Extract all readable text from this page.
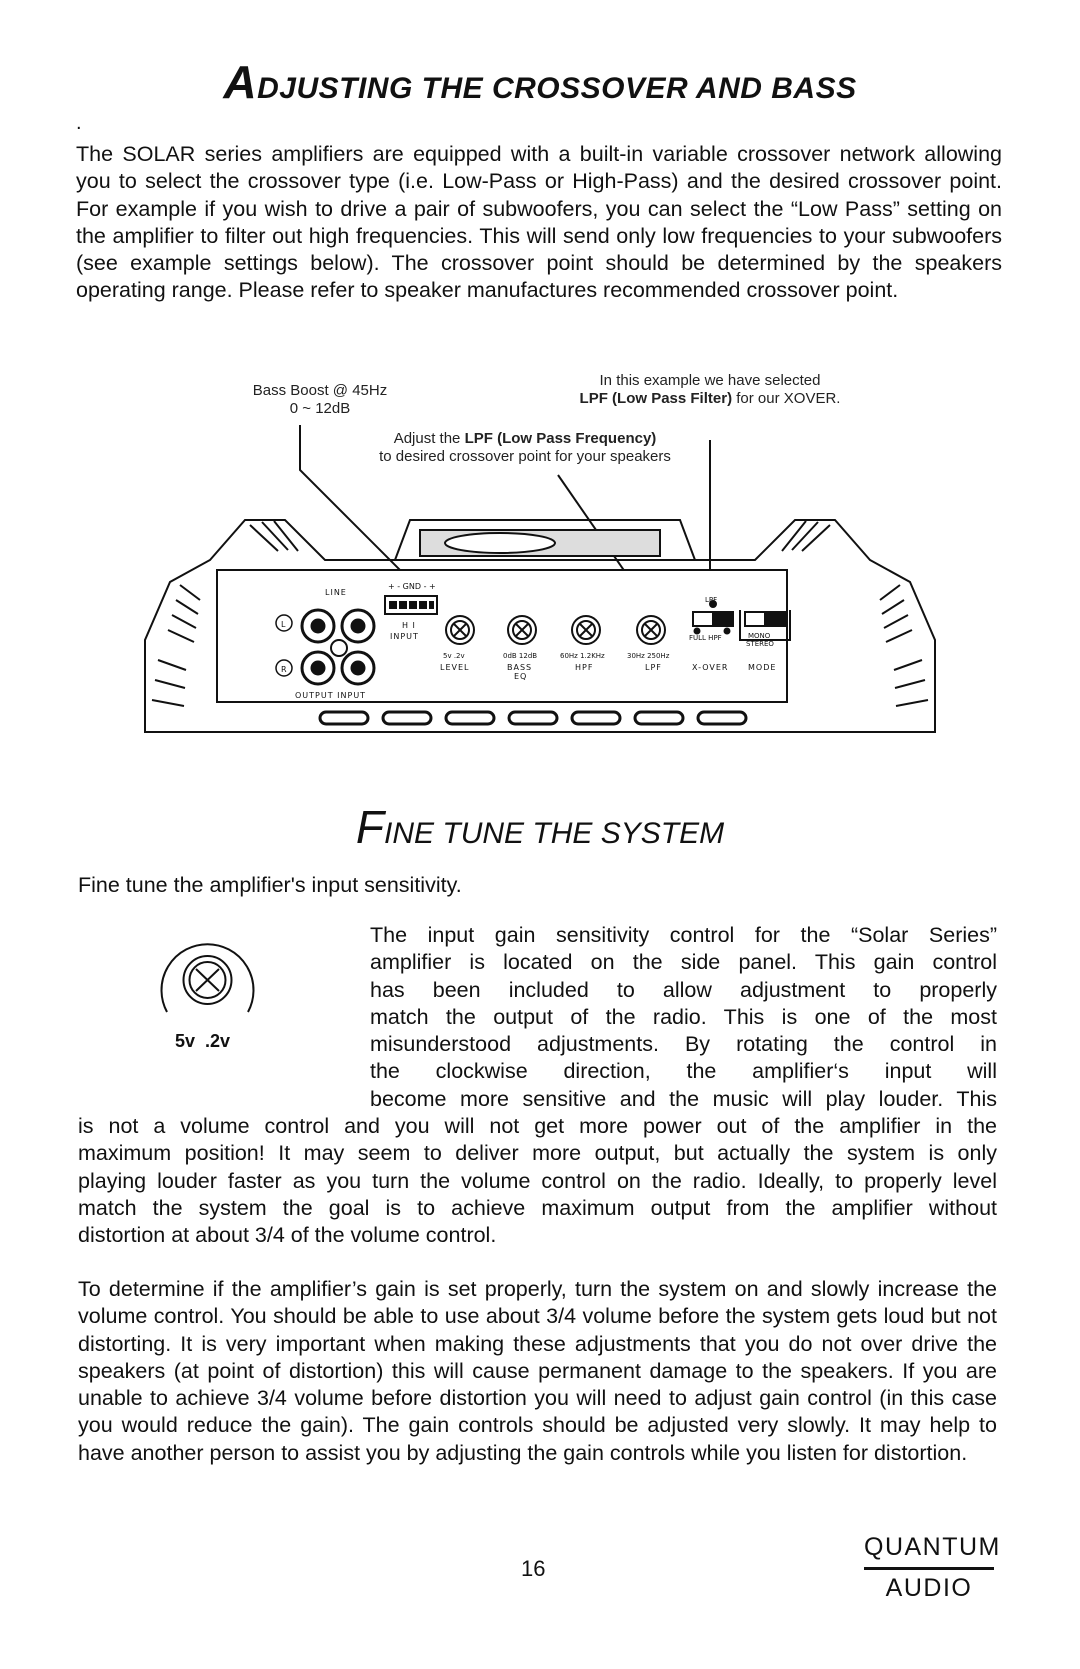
ADJUSTING THE CROSSOVER AND BASS
.
The SOLAR series amplifiers are equipped with a built-in variable crossover network allowing you to select the crossover type (i.e. Low-Pass or High-Pass) and the desired crossover point. For example if you wish to drive a pair of subwoofers, you can select the “Low Pass” setting on the amplifier to filter out high frequencies. This will send only low frequencies to your subwoofers (see example settings below). The crossover point should be determined by the speakers operating range. Please refer to speaker manufactures recommended crossover point.
Bass Boost @ 45Hz
0 ~ 12dB
In this example we have selected
LPF (Low Pass Filter) for our XOVER.
Adjust the LPF (Low Pass Frequency)
to desired crossover point for your speakers
LINE
+ - GND - +
H I
INPUT
L
R
OUTPUT INPUT
5v .2v
LEVEL
0dB 12dB
BASS
EQ
60Hz 1.2KHz
HPF
30Hz 250Hz
LPF
LPF
FULL HPF
X-OVER
MONO
STEREO
MODE
FINE TUNE THE SYSTEM
Fine tune the amplifier's input sensitivity.
5v  .2v
The input gain sensitivity control for the “Solar Series”
amplifier is located on the side panel. This gain control
has been included to allow adjustment to properly
match the output of the radio. This is one of the most
misunderstood adjustments. By rotating the control in
the clockwise direction, the amplifier‘s input will
become more sensitive and the music will play louder. This
is not a volume control and you will not get more power out of the amplifier in the
maximum position! It may seem to deliver more output, but actually the system is only
playing louder faster as you turn the volume control on the radio. Ideally, to properly level
match the system the goal is to achieve maximum output from the amplifier without
distortion at about 3/4 of the volume control.
To determine if the amplifier’s gain is set properly, turn the system on and slowly increase the volume control. You should be able to use about 3/4 volume before the system gets loud but not distorting. It is very important when making these adjustments that you do not over drive the speakers (at point of distortion) this will cause permanent damage to the speakers. If you are unable to achieve 3/4 volume before distortion you will need to adjust gain control (in this case you would reduce the gain). The gain controls should be adjusted very slowly. It may help to have another person to assist you by adjusting the gain controls while you listen for distortion.
16
QUANTUM
AUDIO
